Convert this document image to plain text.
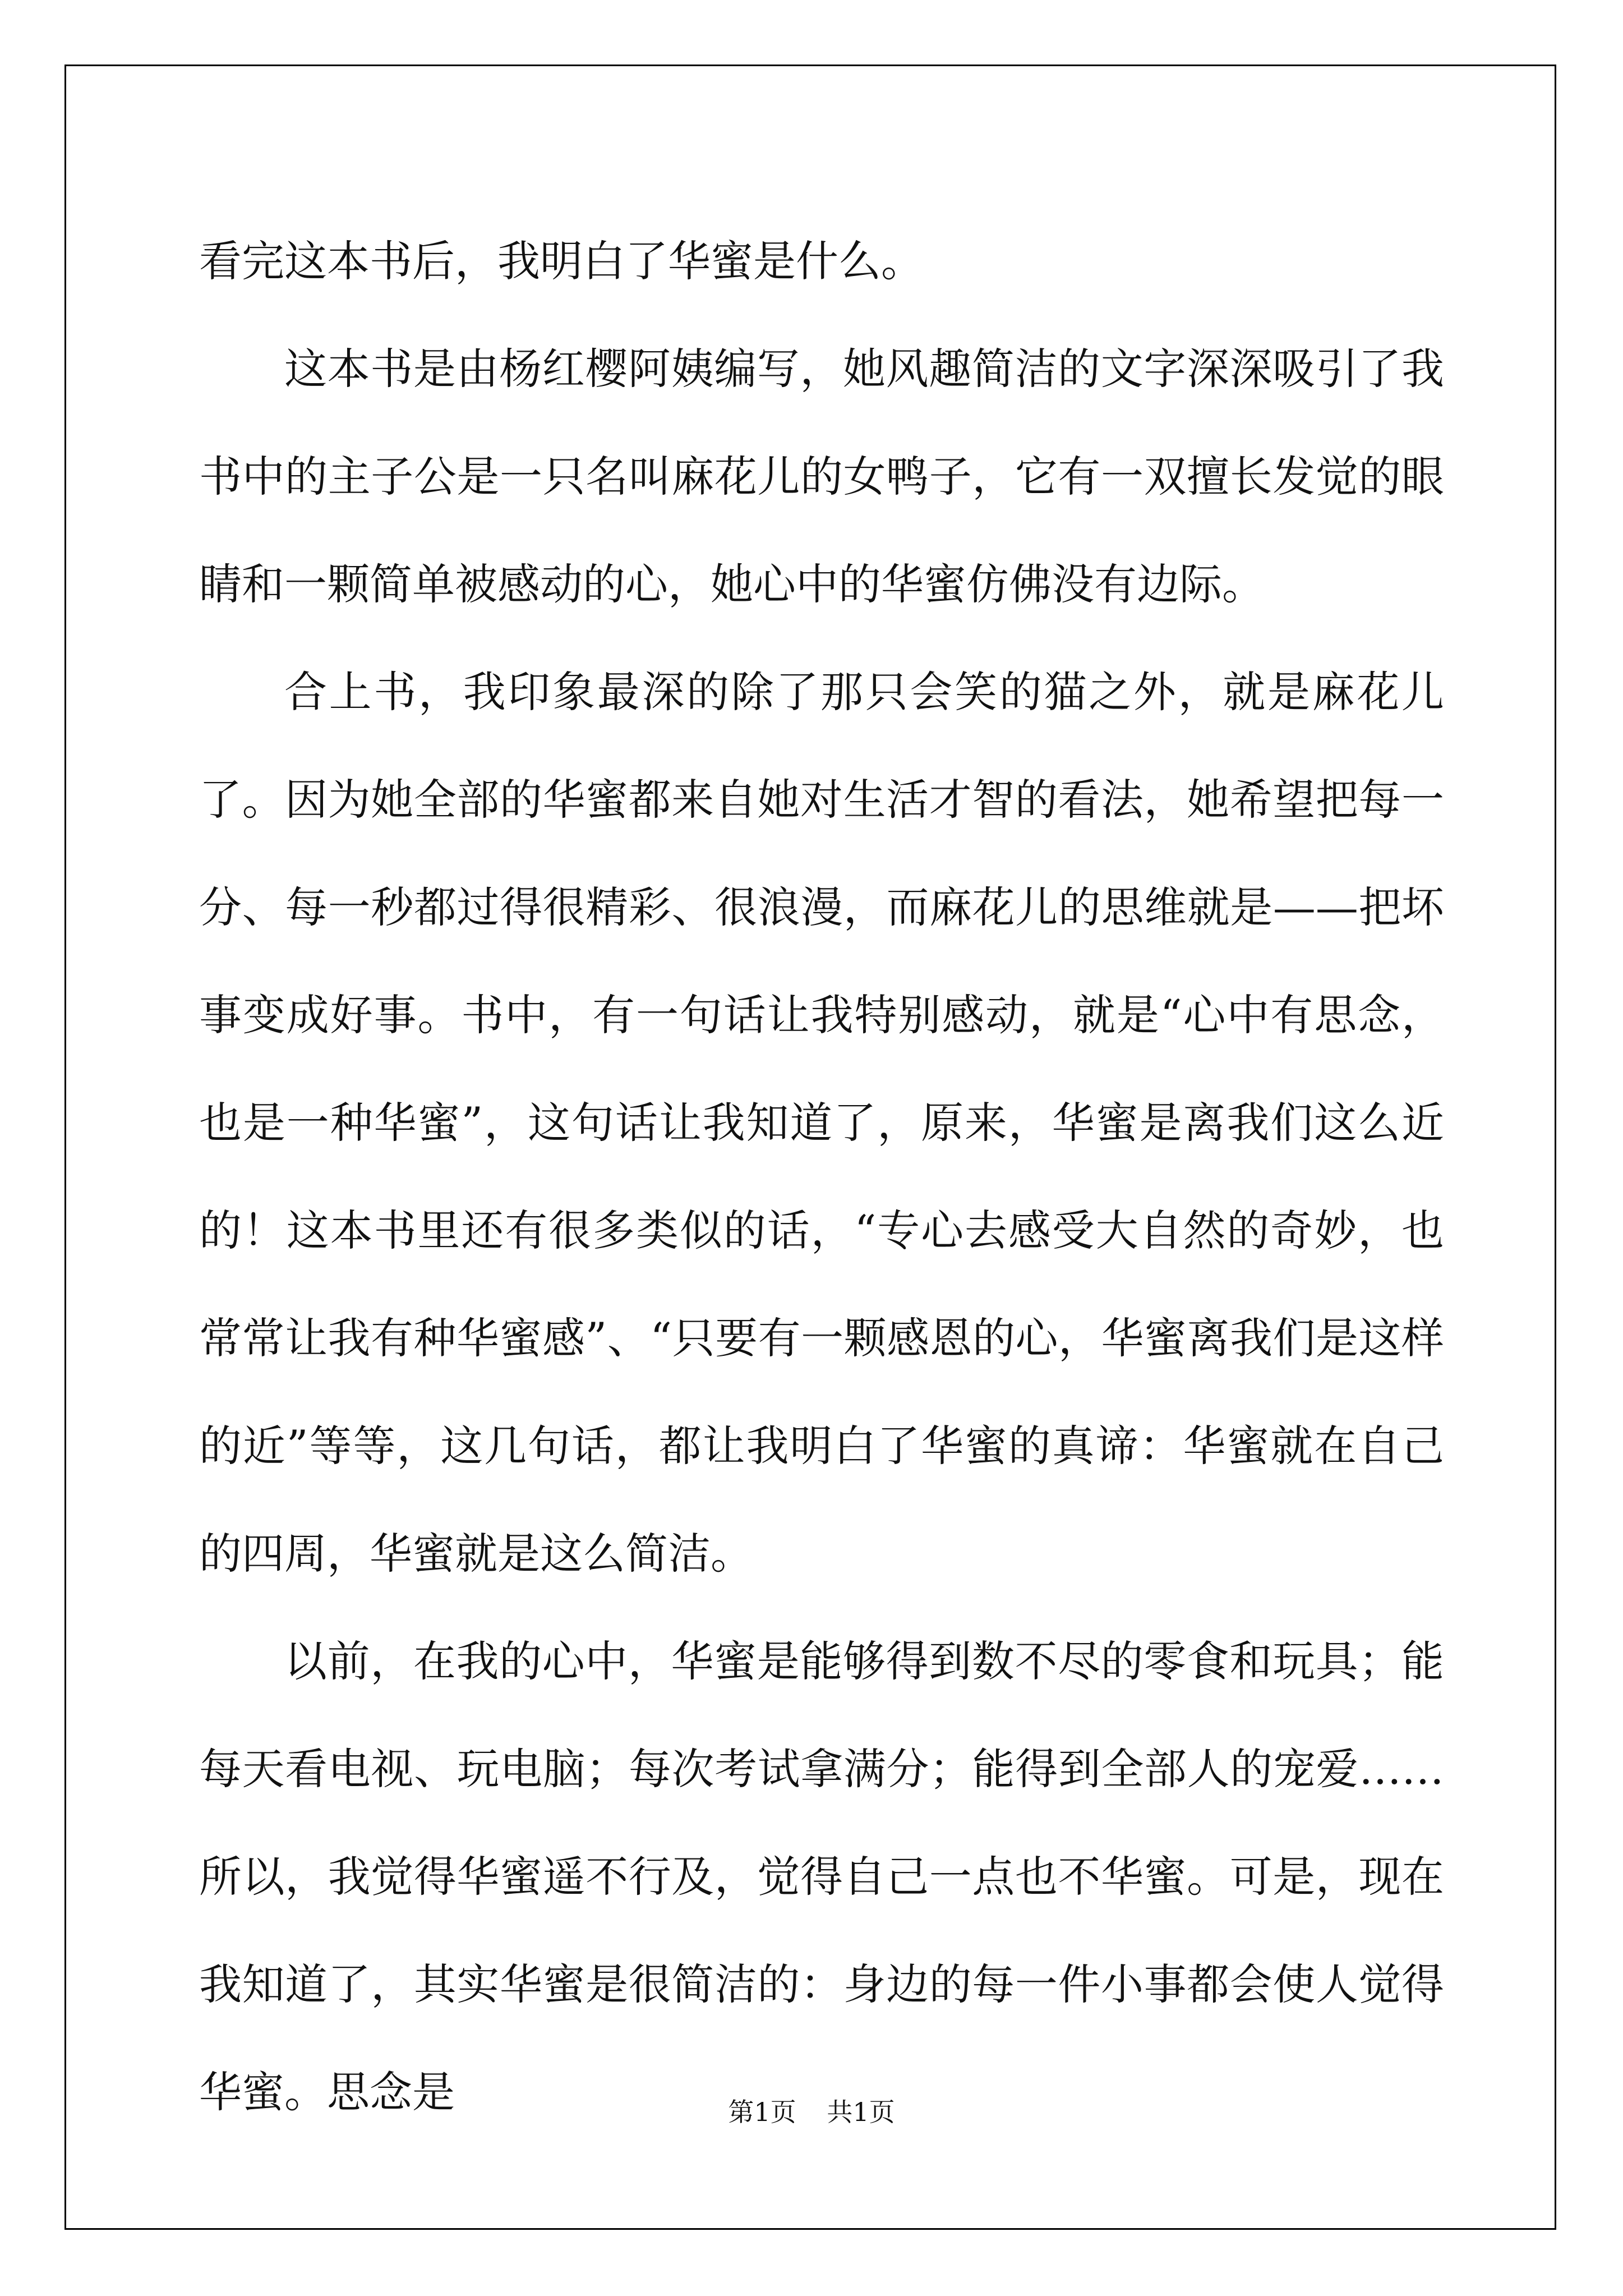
看完这本书后，我明白了华蜜是什么。

这本书是由杨红樱阿姨编写，她风趣简洁的文字深深吸引了我书中的主子公是一只名叫麻花儿的女鸭子，它有一双擅长发觉的眼睛和一颗简单被感动的心，她心中的华蜜仿佛没有边际。

合上书，我印象最深的除了那只会笑的猫之外，就是麻花儿了。因为她全部的华蜜都来自她对生活才智的看法，她希望把每一分、每一秒都过得很精彩、很浪漫，而麻花儿的思维就是——把坏事变成好事。书中，有一句话让我特别感动，就是“心中有思念，也是一种华蜜”，这句话让我知道了，原来，华蜜是离我们这么近的！这本书里还有很多类似的话，“专心去感受大自然的奇妙，也常常让我有种华蜜感”、“只要有一颗感恩的心，华蜜离我们是这样的近”等等，这几句话，都让我明白了华蜜的真谛：华蜜就在自己的四周，华蜜就是这么简洁。

以前，在我的心中，华蜜是能够得到数不尽的零食和玩具；能每天看电视、玩电脑；每次考试拿满分；能得到全部人的宠爱……所以，我觉得华蜜遥不行及，觉得自己一点也不华蜜。可是，现在我知道了，其实华蜜是很简洁的：身边的每一件小事都会使人觉得华蜜。思念是	第1页 共1页
